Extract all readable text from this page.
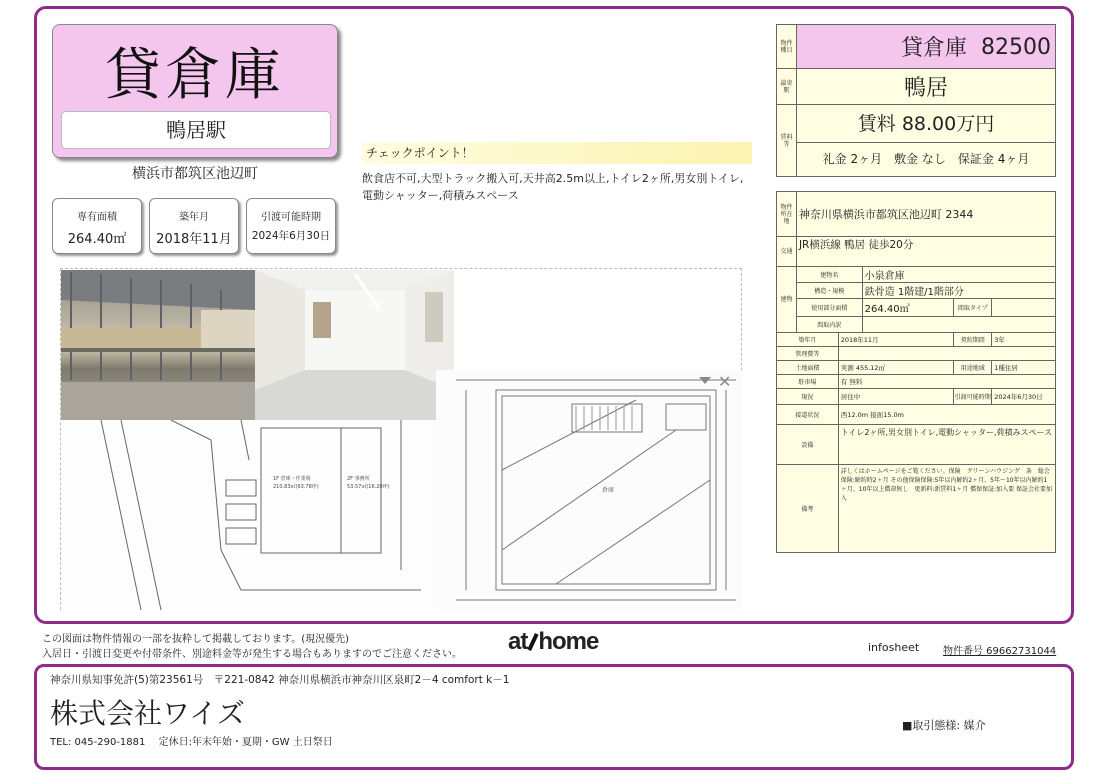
貸倉庫
鴨居駅
横浜市都筑区池辺町
専有面積
264.40㎡
築年月
2018年11月
引渡可能時期
2024年6月30日
チェックポイント！
飲食店不可,大型トラック搬入可,天井高2.5m以上,トイレ2ヶ所,男女別トイレ,電動シャッター,荷積みスペース
1F 倉庫・作業場
210.83㎡(63.78坪)
2F 事務所
53.57㎡(16.20坪)	倉庫
✕
物件種目	貸倉庫 82500

最寄駅	鴨居
賃料等	賃料 88.00万円
礼金 2ヶ月　敷金 なし　保証金 4ヶ月
物件所在地	神奈川県横浜市都筑区池辺町 2344				
交通	JR横浜線 鴨居 徒歩20分				
建物	建物名		小泉倉庫		
	構造・規模		鉄骨造 1階建/1階部分		
	使用部分面積		264.40㎡	間取タイプ	
	間取内訳				
築年月		2018年11月		契約期間	3年
管理費等					
土地面積		実測 455.12㎡		用途地域	1種住居
駐車場		有 無料			
現況		居住中		引渡可能時期	2024年6月30日
接道状況		西12.0m 接面15.0m			
設備		トイレ2ヶ所,男女別トイレ,電動シャッター,荷積みスペース			
備考		詳しくはホームページをご覧ください。保険　グリーンハウジング　条　総会保険:解約時2ヶ月 その他保険保険:5年以内解約2ヶ月、5年〜10年以内解約1ヶ月、10年以上償却無し　更新料:新賃料1ヶ月 償保保証:加入要 保証会社要加入			
この図面は物件情報の一部を抜粋して掲載しております。(現況優先)
入居日・引渡日変更や付帯条件、別途料金等が発生する場合もありますのでご注意ください。 at home	infosheet 物件番号 69662731044
神奈川県知事免許(5)第23561号　〒221-0842 神奈川県横浜市神奈川区泉町2－4 comfort k－1
株式会社ワイズ
TEL: 045-290-1881　 定休日:年末年始・夏期・GW 土日祭日
■取引態様: 媒介
